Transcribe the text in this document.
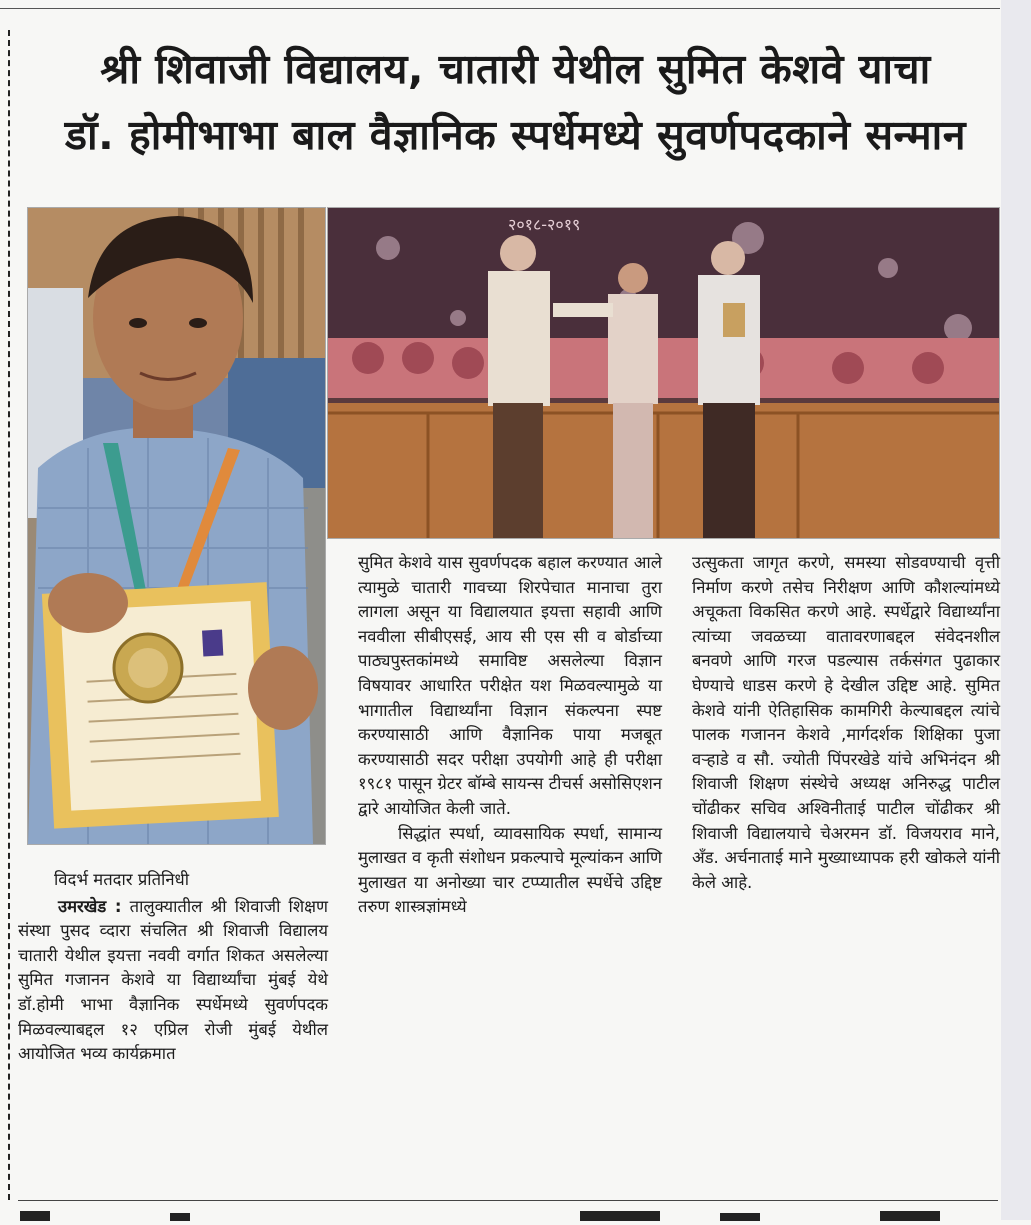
श्री शिवाजी विद्यालय, चातारी येथील सुमित केशवे याचा
डॉ. होमीभाभा बाल वैज्ञानिक स्पर्धेमध्ये सुवर्णपदकाने सन्मान
२०१८-२०१९
विदर्भ मतदार प्रतिनिधी

उमरखेड : तालुक्यातील श्री शिवाजी शिक्षण संस्था पुसद व्दारा संचलित श्री शिवाजी विद्यालय चातारी येथील इयत्ता नववी वर्गात शिकत असलेल्या सुमित गजानन केशवे या विद्यार्थ्यांचा मुंबई येथे डॉ.होमी भाभा वैज्ञानिक स्पर्धेमध्ये सुवर्णपदक मिळवल्याबद्दल १२ एप्रिल रोजी मुंबई येथील आयोजित भव्य कार्यक्रमात

सुमित केशवे यास सुवर्णपदक बहाल करण्यात आले त्यामुळे चातारी गावच्या शिरपेचात मानाचा तुरा लागला असून या विद्यालयात इयत्ता सहावी आणि नववीला सीबीएसई, आय सी एस सी व बोर्डाच्या पाठ्यपुस्तकांमध्ये समाविष्ट असलेल्या विज्ञान विषयावर आधारित परीक्षेत यश मिळवल्यामुळे या भागातील विद्यार्थ्यांना विज्ञान संकल्पना स्पष्ट करण्यासाठी आणि वैज्ञानिक पाया मजबूत करण्यासाठी सदर परीक्षा उपयोगी आहे ही परीक्षा १९८१ पासून ग्रेटर बॉम्बे सायन्स टीचर्स असोसिएशन द्वारे आयोजित केली जाते.

सिद्धांत स्पर्धा, व्यावसायिक स्पर्धा, सामान्य मुलाखत व कृती संशोधन प्रकल्पाचे मूल्यांकन आणि मुलाखत या अनोख्या चार टप्प्यातील स्पर्धेचे उद्दिष्ट तरुण शास्त्रज्ञांमध्ये

उत्सुकता जागृत करणे, समस्या सोडवण्याची वृत्ती निर्माण करणे तसेच निरीक्षण आणि कौशल्यांमध्ये अचूकता विकसित करणे आहे. स्पर्धेद्वारे विद्यार्थ्यांना त्यांच्या जवळच्या वातावरणाबद्दल संवेदनशील बनवणे आणि गरज पडल्यास तर्कसंगत पुढाकार घेण्याचे धाडस करणे हे देखील उद्दिष्ट आहे. सुमित केशवे यांनी ऐतिहासिक कामगिरी केल्याबद्दल त्यांचे पालक गजानन केशवे ,मार्गदर्शक शिक्षिका पुजा वऱ्हाडे व सौ. ज्योती पिंपरखेडे यांचे अभिनंदन श्री शिवाजी शिक्षण संस्थेचे अध्यक्ष अनिरुद्ध पाटील चोंढीकर सचिव अश्विनीताई पाटील चोंढीकर श्री शिवाजी विद्यालयाचे चेअरमन डॉ. विजयराव माने, अँड. अर्चनाताई माने मुख्याध्यापक हरी खोकले यांनी केले आहे.
